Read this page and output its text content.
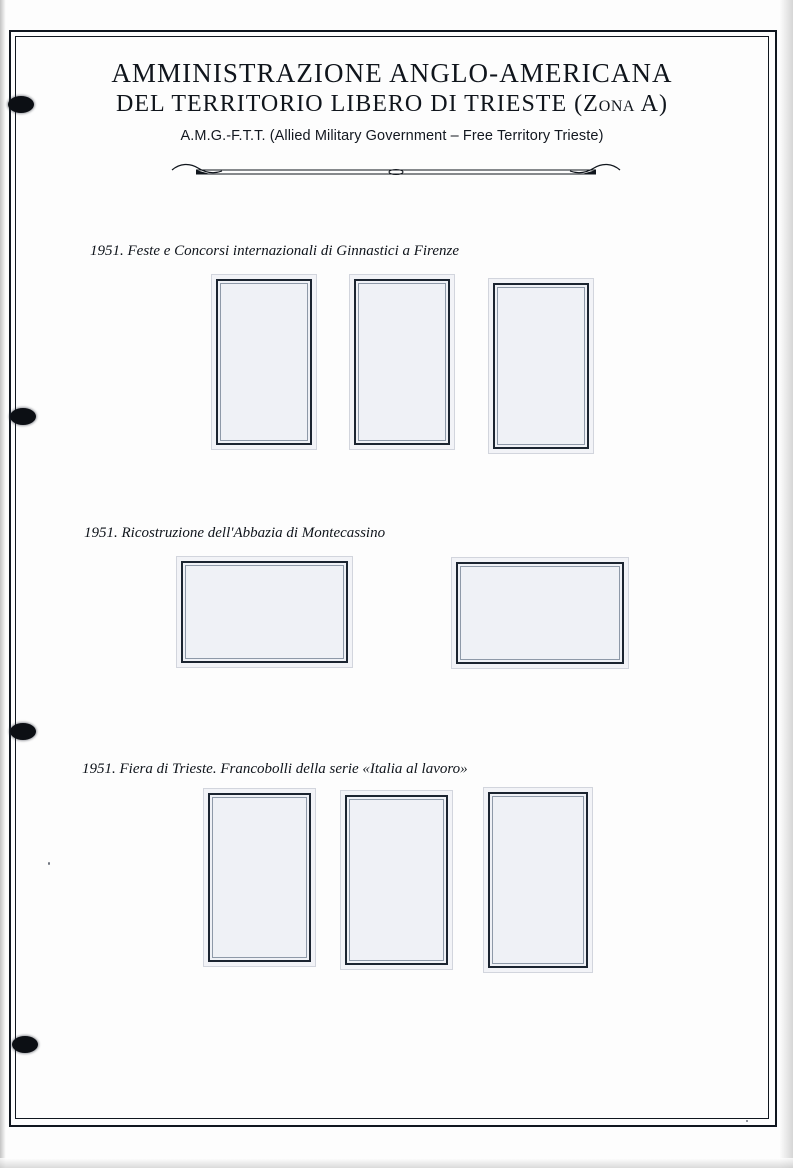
AMMINISTRAZIONE ANGLO-AMERICANA
DEL TERRITORIO LIBERO DI TRIESTE (ZONA A)
A.M.G.-F.T.T. (Allied Military Government – Free Territory Trieste)
1951. Feste e Concorsi internazionali di Ginnastici a Firenze
1951. Ricostruzione dell'Abbazia di Montecassino
1951. Fiera di Trieste. Francobolli della serie «Italia al lavoro»
